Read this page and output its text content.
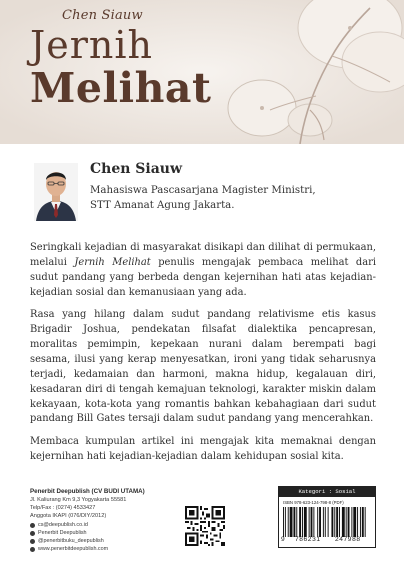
Chen Siauw
Jernih
Melihat
Chen Siauw
Mahasiswa Pascasarjana Magister Ministri,
STT Amanat Agung Jakarta.

Seringkali kejadian di masyarakat disikapi dan dilihat di permukaan, melalui Jernih Melihat penulis mengajak pembaca melihat dari sudut pandang yang berbeda dengan kejernihan hati atas kejadian-kejadian sosial dan kemanusiaan yang ada.

Rasa yang hilang dalam sudut pandang relativisme etis kasus Brigadir Joshua, pendekatan filsafat dialektika pencapresan, moralitas pemimpin, kepekaan nurani dalam berempati bagi sesama, ilusi yang kerap menyesatkan, ironi yang tidak seharusnya terjadi, kedamaian dan harmoni, makna hidup, kegalauan diri, kesadaran diri di tengah kemajuan teknologi, karakter miskin dalam kekayaan, kota-kota yang romantis bahkan kebahagiaan dari sudut pandang Bill Gates tersaji dalam sudut pandang yang mencerahkan.

Membaca kumpulan artikel ini mengajak kita memaknai dengan kejernihan hati kejadian-kejadian dalam kehidupan sosial kita.

Penerbit Deepublish (CV BUDI UTAMA)
Jl. Kaliurang Km 9,3 Yogyakarta 55581
Telp/Fax : (0274) 4533427
Anggota IKAPI (076/DIY/2012)
cs@deepublish.co.id
Penerbit Deepublish
@penerbitbuku_deepublish
www.penerbitdeepublish.com
Kategori : Sosial
ISBN 978-623-124-798-8 (PDF)
9 786231 247988
